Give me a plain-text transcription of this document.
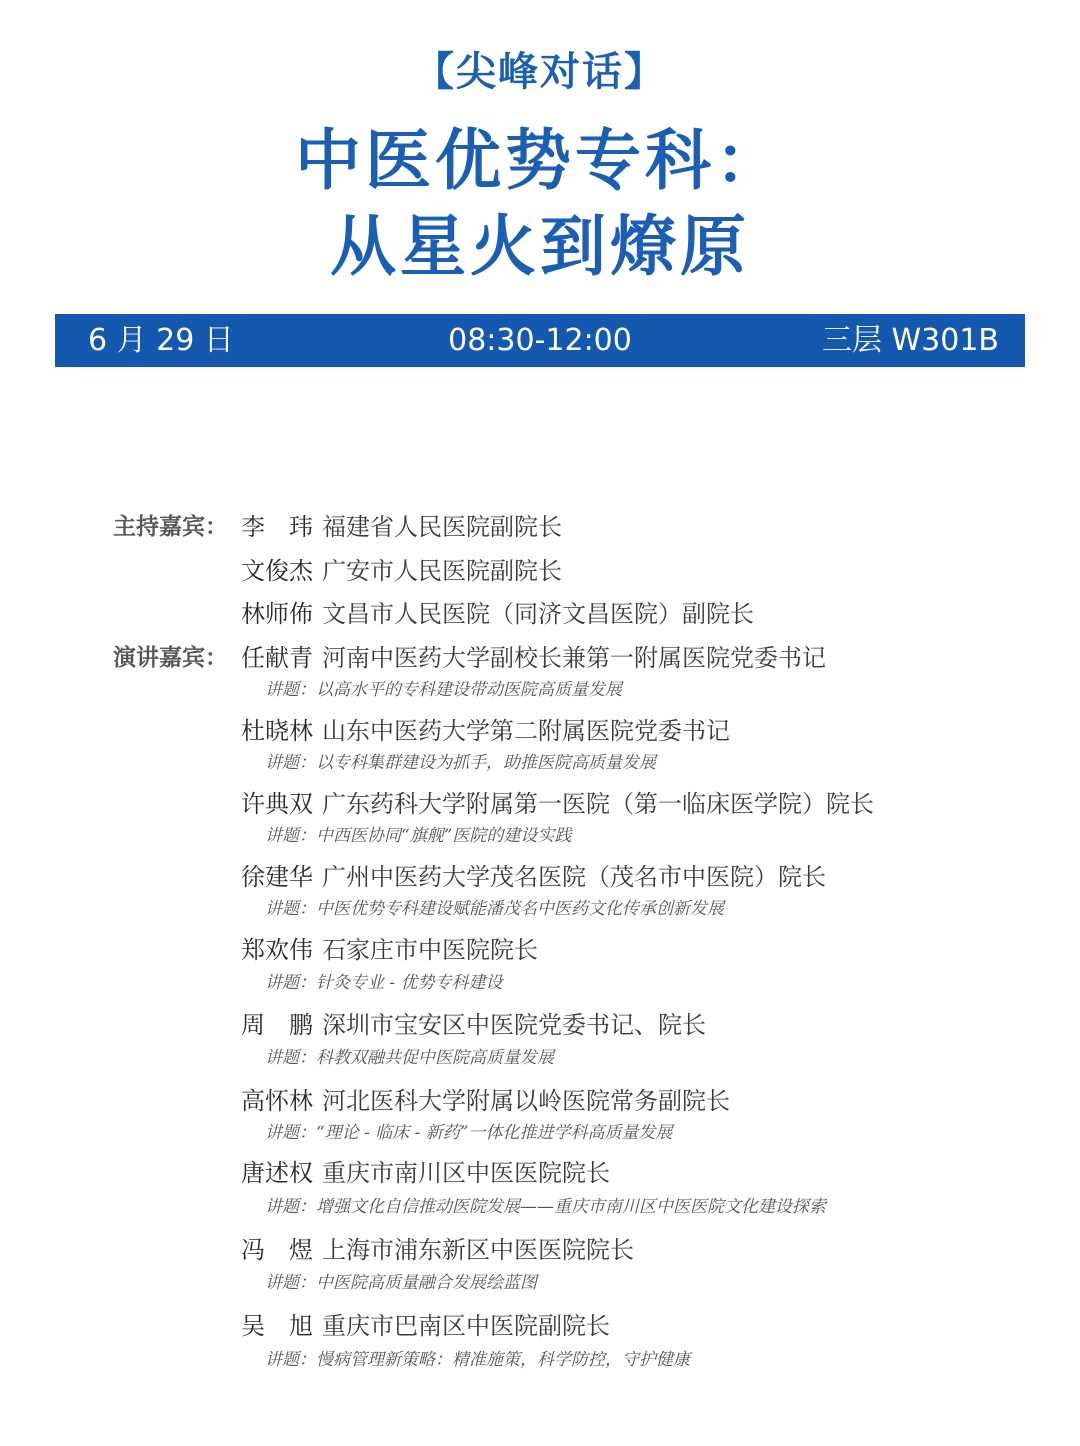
【尖峰对话】
中医优势专科：
从星火到燎原
6 月 29 日	08:30-12:00	三层 W301B
主持嘉宾： 李　玮 福建省人民医院副院长
文俊杰 广安市人民医院副院长
林师佈 文昌市人民医院（同济文昌医院）副院长
演讲嘉宾： 任献青 河南中医药大学副校长兼第一附属医院党委书记
讲题：以高水平的专科建设带动医院高质量发展
杜晓林 山东中医药大学第二附属医院党委书记
讲题：以专科集群建设为抓手，助推医院高质量发展
许典双 广东药科大学附属第一医院（第一临床医学院）院长
讲题：中西医协同“旗舰”医院的建设实践
徐建华 广州中医药大学茂名医院（茂名市中医院）院长
讲题：中医优势专科建设赋能潘茂名中医药文化传承创新发展
郑欢伟 石家庄市中医院院长
讲题：针灸专业 - 优势专科建设
周　鹏 深圳市宝安区中医院党委书记、院长
讲题：科教双融共促中医院高质量发展
高怀林 河北医科大学附属以岭医院常务副院长
讲题：“理论 - 临床 - 新药”一体化推进学科高质量发展
唐述权 重庆市南川区中医医院院长
讲题：增强文化自信推动医院发展——重庆市南川区中医医院文化建设探索
冯　煜 上海市浦东新区中医医院院长
讲题：中医院高质量融合发展绘蓝图
吴　旭 重庆市巴南区中医院副院长
讲题：慢病管理新策略：精准施策，科学防控，守护健康
